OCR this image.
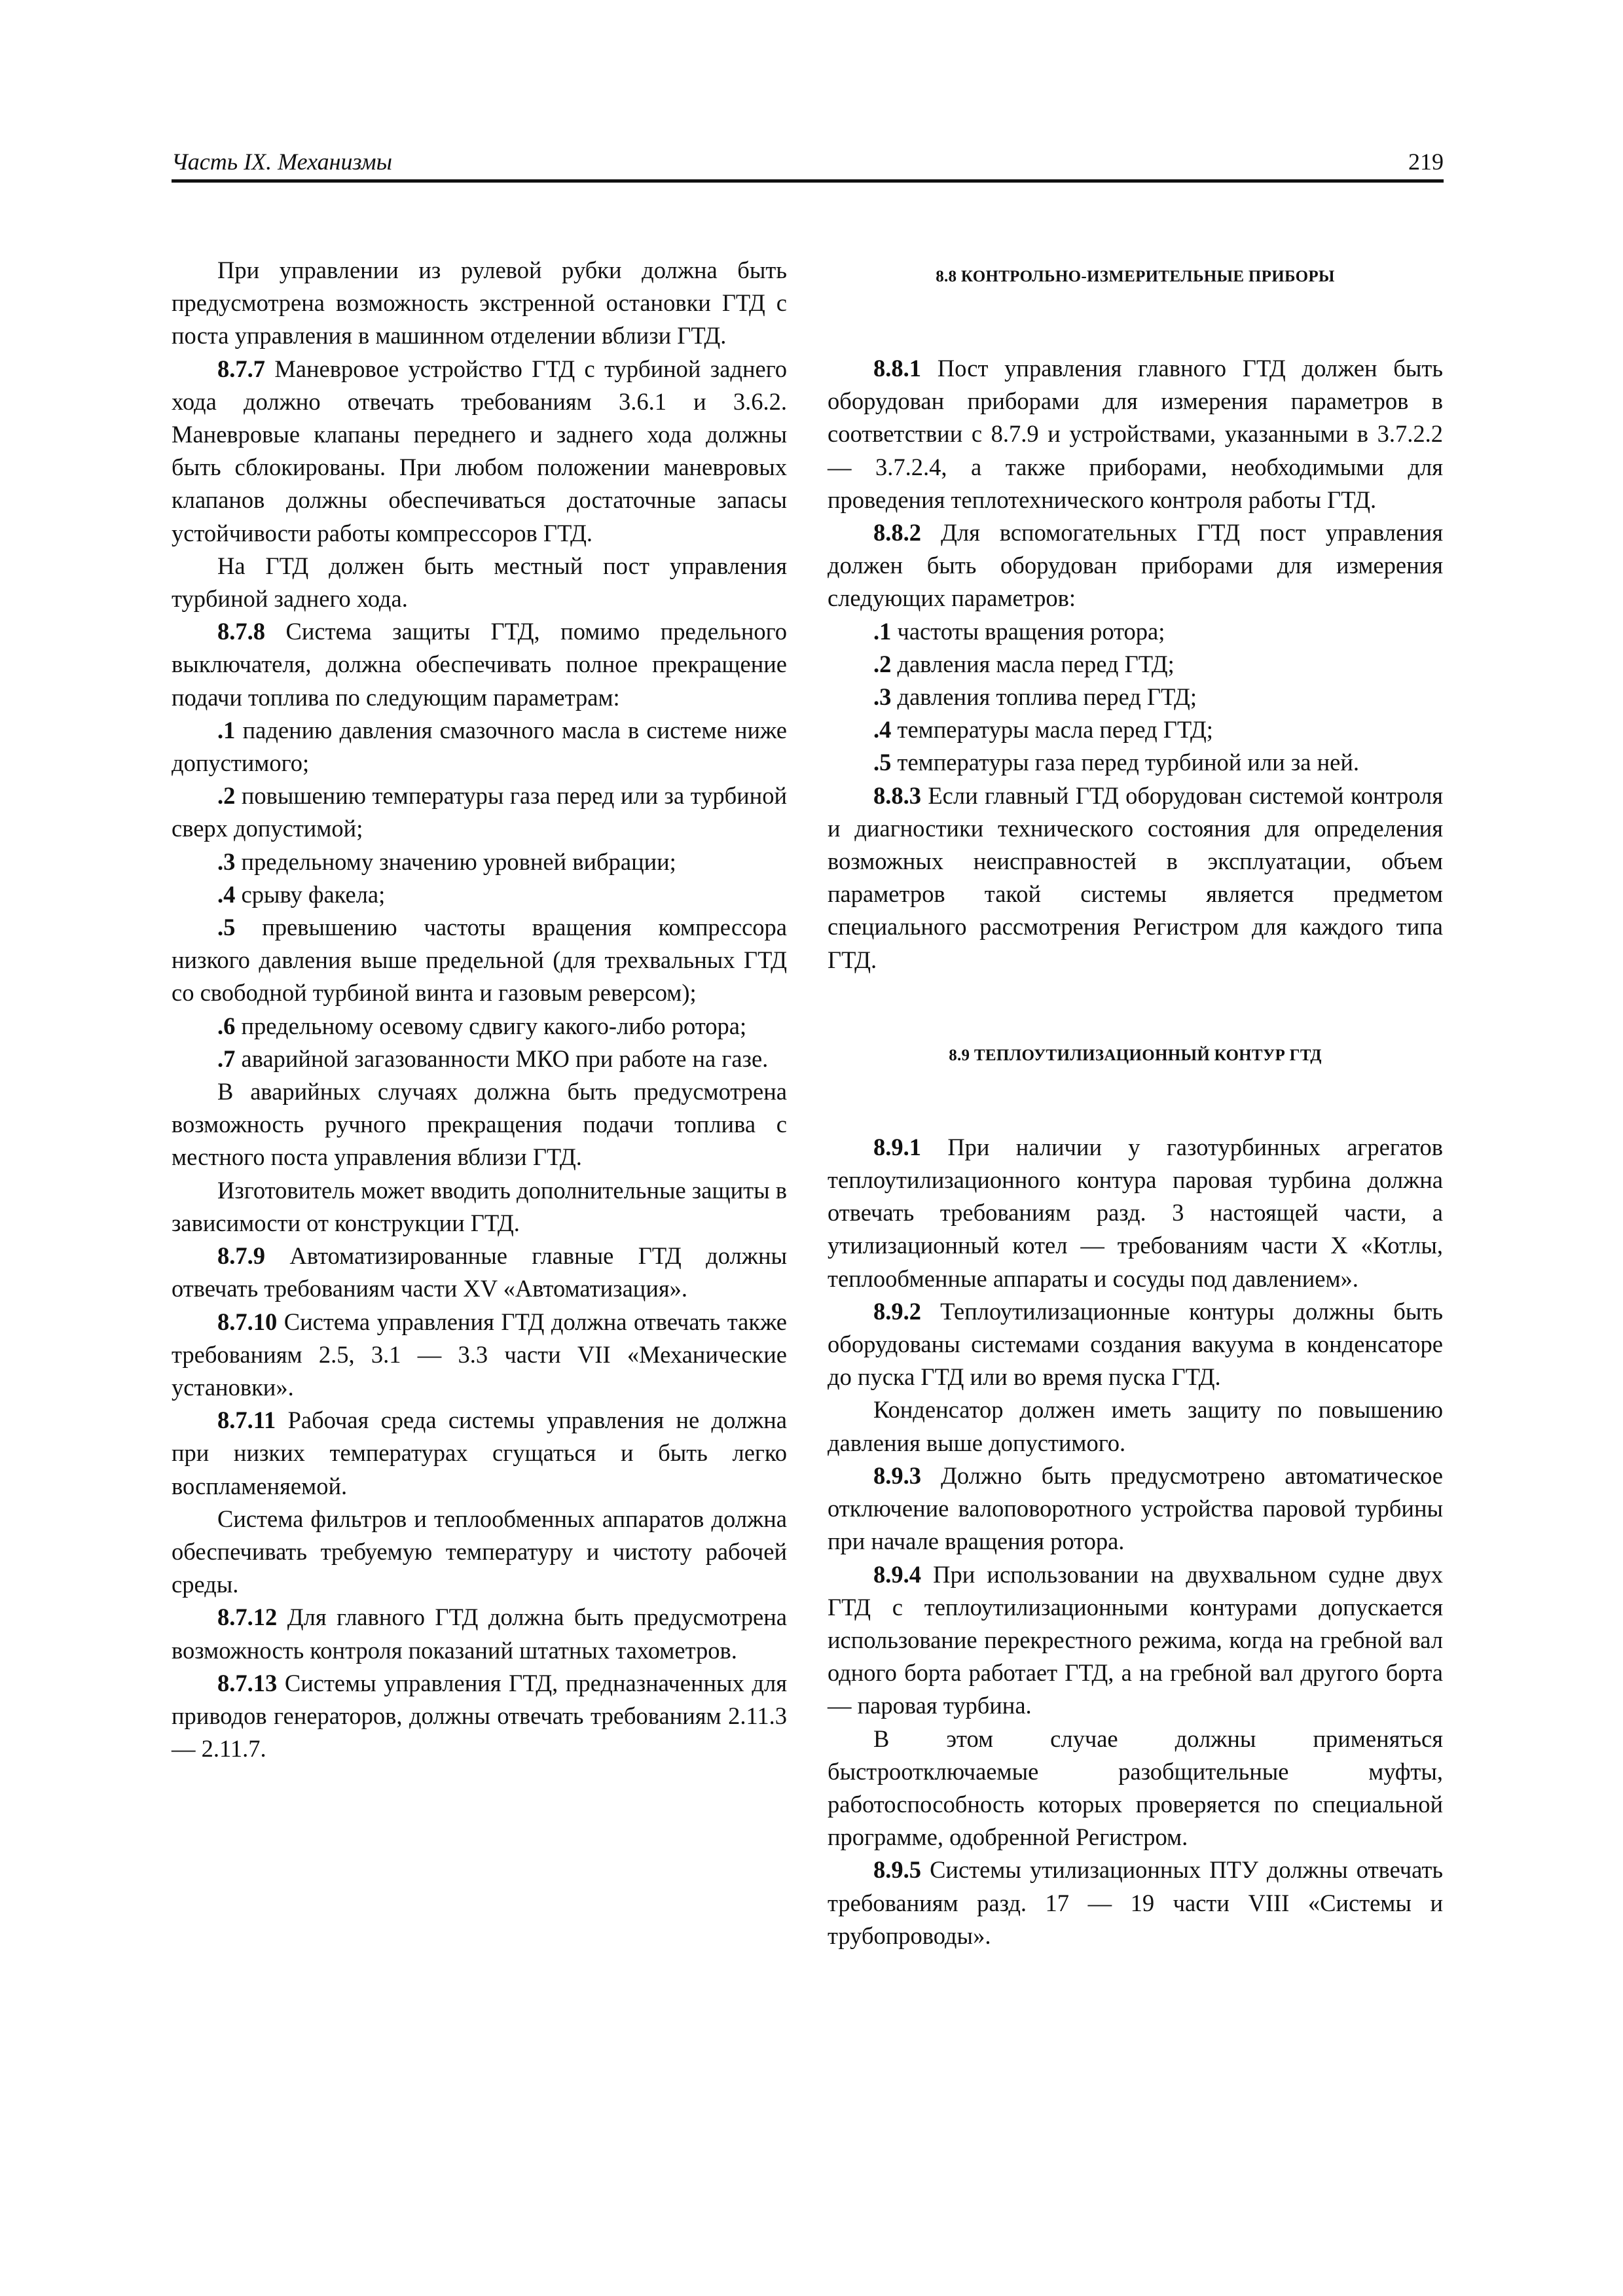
Часть IX. Механизмы	219

При управлении из рулевой рубки должна быть предусмотрена возможность экстренной остановки ГТД с поста управления в машинном отделении вблизи ГТД.

8.7.7 Маневровое устройство ГТД с турбиной заднего хода должно отвечать требованиям 3.6.1 и 3.6.2. Маневровые клапаны переднего и заднего хода должны быть сблокированы. При любом положении маневровых клапанов должны обеспечиваться достаточные запасы устойчивости работы компрессоров ГТД.

На ГТД должен быть местный пост управления турбиной заднего хода.

8.7.8 Система защиты ГТД, помимо предельного выключателя, должна обеспечивать полное прекращение подачи топлива по следующим параметрам:

.1 падению давления смазочного масла в системе ниже допустимого;

.2 повышению температуры газа перед или за турбиной сверх допустимой;

.3 предельному значению уровней вибрации;

.4 срыву факела;

.5 превышению частоты вращения компрессора низкого давления выше предельной (для трехвальных ГТД со свободной турбиной винта и газовым реверсом);

.6 предельному осевому сдвигу какого-либо ротора;

.7 аварийной загазованности МКО при работе на газе.

В аварийных случаях должна быть предусмотрена возможность ручного прекращения подачи топлива с местного поста управления вблизи ГТД.

Изготовитель может вводить дополнительные защиты в зависимости от конструкции ГТД.

8.7.9 Автоматизированные главные ГТД должны отвечать требованиям части XV «Автоматизация».

8.7.10 Система управления ГТД должна отвечать также требованиям 2.5, 3.1 — 3.3 части VII «Механические установки».

8.7.11 Рабочая среда системы управления не должна при низких температурах сгущаться и быть легко воспламеняемой.

Система фильтров и теплообменных аппаратов должна обеспечивать требуемую температуру и чистоту рабочей среды.

8.7.12 Для главного ГТД должна быть предусмотрена возможность контроля показаний штатных тахометров.

8.7.13 Системы управления ГТД, предназначенных для приводов генераторов, должны отвечать требованиям 2.11.3 — 2.11.7.

8.8 КОНТРОЛЬНО-ИЗМЕРИТЕЛЬНЫЕ ПРИБОРЫ

8.8.1 Пост управления главного ГТД должен быть оборудован приборами для измерения параметров в соответствии с 8.7.9 и устройствами, указанными в 3.7.2.2 — 3.7.2.4, а также приборами, необходимыми для проведения теплотехнического контроля работы ГТД.

8.8.2 Для вспомогательных ГТД пост управления должен быть оборудован приборами для измерения следующих параметров:

.1 частоты вращения ротора;

.2 давления масла перед ГТД;

.3 давления топлива перед ГТД;

.4 температуры масла перед ГТД;

.5 температуры газа перед турбиной или за ней.

8.8.3 Если главный ГТД оборудован системой контроля и диагностики технического состояния для определения возможных неисправностей в эксплуатации, объем параметров такой системы является предметом специального рассмотрения Регистром для каждого типа ГТД.

8.9 ТЕПЛОУТИЛИЗАЦИОННЫЙ КОНТУР ГТД

8.9.1 При наличии у газотурбинных агрегатов теплоутилизационного контура паровая турбина должна отвечать требованиям разд. 3 настоящей части, а утилизационный котел — требованиям части X «Котлы, теплообменные аппараты и сосуды под давлением».

8.9.2 Теплоутилизационные контуры должны быть оборудованы системами создания вакуума в конденсаторе до пуска ГТД или во время пуска ГТД.

Конденсатор должен иметь защиту по повышению давления выше допустимого.

8.9.3 Должно быть предусмотрено автоматическое отключение валоповоротного устройства паровой турбины при начале вращения ротора.

8.9.4 При использовании на двухвальном судне двух ГТД с теплоутилизационными контурами допускается использование перекрестного режима, когда на гребной вал одного борта работает ГТД, а на гребной вал другого борта — паровая турбина.

В этом случае должны применяться быстроотключаемые разобщительные муфты, работоспособность которых проверяется по специальной программе, одобренной Регистром.

8.9.5 Системы утилизационных ПТУ должны отвечать требованиям разд. 17 — 19 части VIII «Системы и трубопроводы».
